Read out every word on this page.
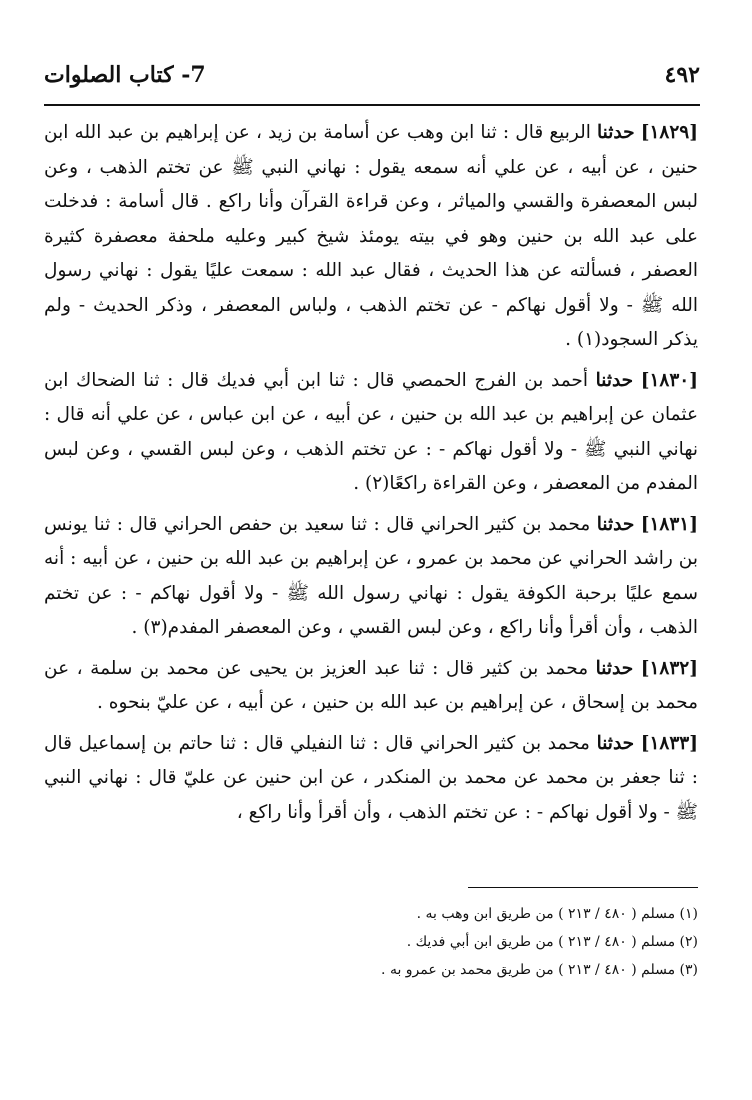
٤٩٢
7- كتاب الصلوات

[١٨٢٩] حدثنا الربيع قال : ثنا ابن وهب عن أسامة بن زيد ، عن إبراهيم بن عبد الله ابن حنين ، عن أبيه ، عن علي أنه سمعه يقول : نهاني النبي ﷺ عن تختم الذهب ، وعن لبس المعصفرة والقسي والمياثر ، وعن قراءة القرآن وأنا راكع . قال أسامة : فدخلت على عبد الله بن حنين وهو في بيته يومئذ شيخ كبير وعليه ملحفة معصفرة كثيرة العصفر ، فسألته عن هذا الحديث ، فقال عبد الله : سمعت عليًا يقول : نهاني رسول الله ﷺ - ولا أقول نهاكم - عن تختم الذهب ، ولباس المعصفر ، وذكر الحديث - ولم يذكر السجود(١) .

[١٨٣٠] حدثنا أحمد بن الفرج الحمصي قال : ثنا ابن أبي فديك قال : ثنا الضحاك ابن عثمان عن إبراهيم بن عبد الله بن حنين ، عن أبيه ، عن ابن عباس ، عن علي أنه قال : نهاني النبي ﷺ - ولا أقول نهاكم - : عن تختم الذهب ، وعن لبس القسي ، وعن لبس المفدم من المعصفر ، وعن القراءة راكعًا(٢) .

[١٨٣١] حدثنا محمد بن كثير الحراني قال : ثنا سعيد بن حفص الحراني قال : ثنا يونس بن راشد الحراني عن محمد بن عمرو ، عن إبراهيم بن عبد الله بن حنين ، عن أبيه : أنه سمع عليًا برحبة الكوفة يقول : نهاني رسول الله ﷺ - ولا أقول نهاكم - : عن تختم الذهب ، وأن أقرأ وأنا راكع ، وعن لبس القسي ، وعن المعصفر المفدم(٣) .

[١٨٣٢] حدثنا محمد بن كثير قال : ثنا عبد العزيز بن يحيى عن محمد بن سلمة ، عن محمد بن إسحاق ، عن إبراهيم بن عبد الله بن حنين ، عن أبيه ، عن عليّ بنحوه .

[١٨٣٣] حدثنا محمد بن كثير الحراني قال : ثنا النفيلي قال : ثنا حاتم بن إسماعيل قال : ثنا جعفر بن محمد عن محمد بن المنكدر ، عن ابن حنين عن عليّ قال : نهاني النبي ﷺ - ولا أقول نهاكم - : عن تختم الذهب ، وأن أقرأ وأنا راكع ،

(١) مسلم ( ٤٨٠ / ٢١٣ ) من طريق ابن وهب به .

(٢) مسلم ( ٤٨٠ / ٢١٣ ) من طريق ابن أبي فديك .

(٣) مسلم ( ٤٨٠ / ٢١٣ ) من طريق محمد بن عمرو به .
